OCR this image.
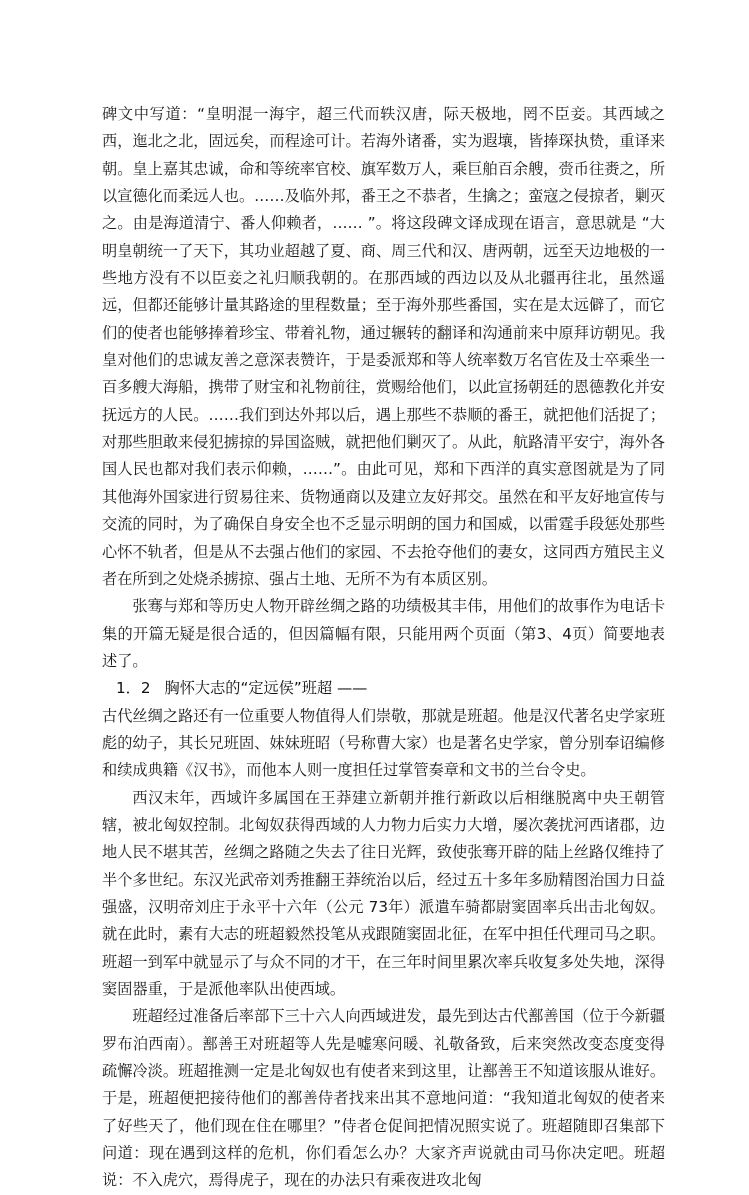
碑文中写道：“皇明混一海宇，超三代而轶汉唐，际天极地，罔不臣妾。其西域之西，迤北之北，固远矣，而程途可计。若海外诸番，实为遐壤，皆捧琛执贽，重译来朝。皇上嘉其忠诚，命和等统率官校、旗军数万人，乘巨舶百余艘，赍币往赉之，所以宣德化而柔远人也。……及临外邦，番王之不恭者，生擒之；蛮寇之侵掠者，剿灭之。由是海道清宁、番人仰赖者，…… ”。将这段碑文译成现在语言，意思就是 “大明皇朝统一了天下，其功业超越了夏、商、周三代和汉、唐两朝，远至天边地极的一些地方没有不以臣妾之礼归顺我朝的。在那西域的西边以及从北疆再往北，虽然遥远，但都还能够计量其路途的里程数量；至于海外那些番国，实在是太远僻了，而它们的使者也能够捧着珍宝、带着礼物，通过辗转的翻译和沟通前来中原拜访朝见。我皇对他们的忠诚友善之意深表赞许，于是委派郑和等人统率数万名官佐及士卒乘坐一百多艘大海船，携带了财宝和礼物前往，赏赐给他们，以此宣扬朝廷的恩德教化并安抚远方的人民。……我们到达外邦以后，遇上那些不恭顺的番王，就把他们活捉了；对那些胆敢来侵犯掳掠的异国盗贼，就把他们剿灭了。从此，航路清平安宁，海外各国人民也都对我们表示仰赖，……”。由此可见，郑和下西洋的真实意图就是为了同其他海外国家进行贸易往来、货物通商以及建立友好邦交。虽然在和平友好地宣传与交流的同时，为了确保自身安全也不乏显示明朗的国力和国威，以雷霆手段惩处那些心怀不轨者，但是从不去强占他们的家园、不去抢夺他们的妻女，这同西方殖民主义者在所到之处烧杀掳掠、强占土地、无所不为有本质区别。

张骞与郑和等历史人物开辟丝绸之路的功绩极其丰伟，用他们的故事作为电话卡集的开篇无疑是很合适的，但因篇幅有限，只能用两个页面（第3、4页）简要地表述了。

1．2 胸怀大志的“定远侯”班超 ——

古代丝绸之路还有一位重要人物值得人们崇敬，那就是班超。他是汉代著名史学家班彪的幼子，其长兄班固、妹妹班昭（号称曹大家）也是著名史学家，曾分别奉诏编修和续成典籍《汉书》，而他本人则一度担任过掌管奏章和文书的兰台令史。

西汉末年，西域许多属国在王莽建立新朝并推行新政以后相继脱离中央王朝管辖，被北匈奴控制。北匈奴获得西域的人力物力后实力大增，屡次袭扰河西诸郡，边地人民不堪其苦，丝绸之路随之失去了往日光辉，致使张骞开辟的陆上丝路仅维持了半个多世纪。东汉光武帝刘秀推翻王莽统治以后，经过五十多年多励精图治国力日益强盛，汉明帝刘庄于永平十六年（公元 73年）派遣车骑都尉窦固率兵出击北匈奴。就在此时，素有大志的班超毅然投笔从戎跟随窦固北征，在军中担任代理司马之职。班超一到军中就显示了与众不同的才干，在三年时间里累次率兵收复多处失地，深得窦固器重，于是派他率队出使西域。

班超经过准备后率部下三十六人向西域进发，最先到达古代鄯善国（位于今新疆罗布泊西南）。鄯善王对班超等人先是嘘寒问暖、礼敬备致，后来突然改变态度变得疏懈冷淡。班超推测一定是北匈奴也有使者来到这里，让鄯善王不知道该服从谁好。于是，班超便把接待他们的鄯善侍者找来出其不意地问道：“我知道北匈奴的使者来了好些天了，他们现在住在哪里？”侍者仓促间把情况照实说了。班超随即召集部下问道：现在遇到这样的危机，你们看怎么办？大家齐声说就由司马你决定吧。班超说：不入虎穴，焉得虎子，现在的办法只有乘夜进攻北匈
